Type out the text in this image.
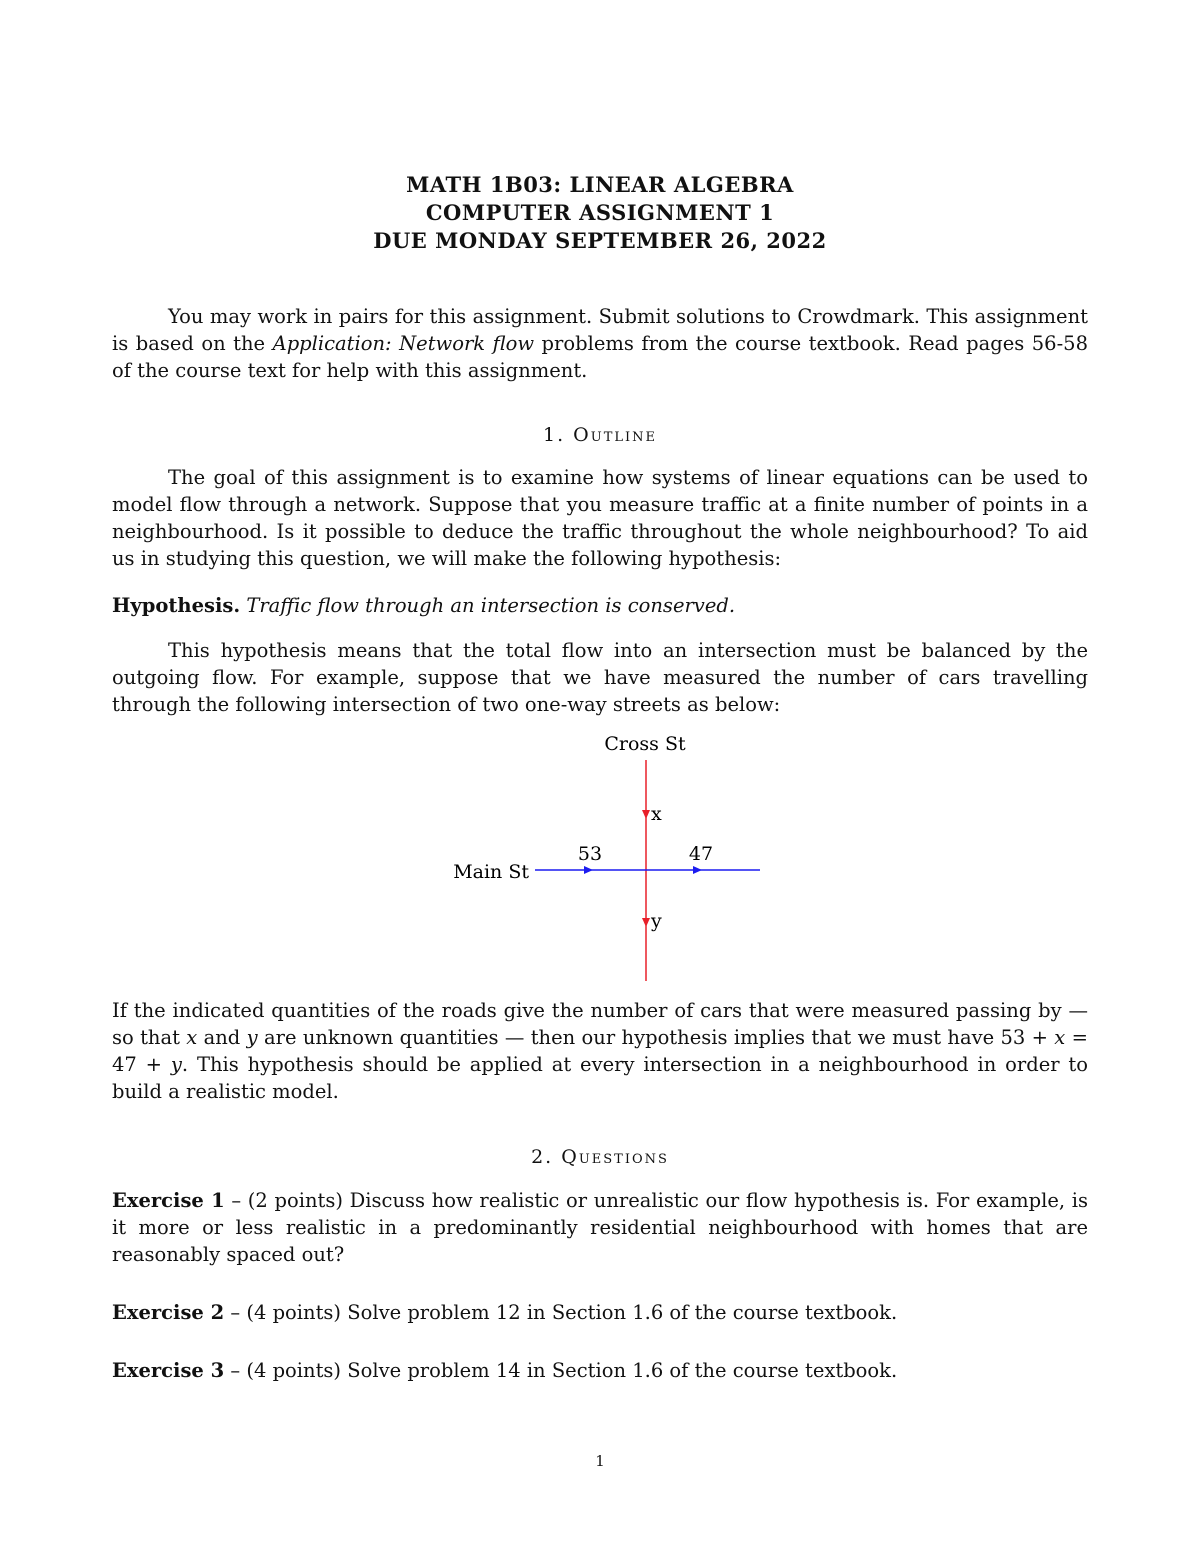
MATH 1B03: LINEAR ALGEBRA
COMPUTER ASSIGNMENT 1
DUE MONDAY SEPTEMBER 26, 2022
You may work in pairs for this assignment. Submit solutions to Crowdmark. This assignment is based on the Application: Network flow problems from the course textbook. Read pages 56-58 of the course text for help with this assignment.
1. Outline
The goal of this assignment is to examine how systems of linear equations can be used to model flow through a network. Suppose that you measure traffic at a finite number of points in a neighbourhood. Is it possible to deduce the traffic throughout the whole neighbourhood? To aid us in studying this question, we will make the following hypothesis:
Hypothesis. Traffic flow through an intersection is conserved.
This hypothesis means that the total flow into an intersection must be balanced by the outgoing flow. For example, suppose that we have measured the number of cars travelling through the following intersection of two one-way streets as below:
Cross St
Main St
53	47
x
y
If the indicated quantities of the roads give the number of cars that were measured passing by — so that x and y are unknown quantities — then our hypothesis implies that we must have 53 + x = 47 + y. This hypothesis should be applied at every intersection in a neighbourhood in order to build a realistic model.
2. Questions
Exercise 1 – (2 points) Discuss how realistic or unrealistic our flow hypothesis is. For example, is it more or less realistic in a predominantly residential neighbourhood with homes that are reasonably spaced out?
Exercise 2 – (4 points) Solve problem 12 in Section 1.6 of the course textbook.
Exercise 3 – (4 points) Solve problem 14 in Section 1.6 of the course textbook.
1
